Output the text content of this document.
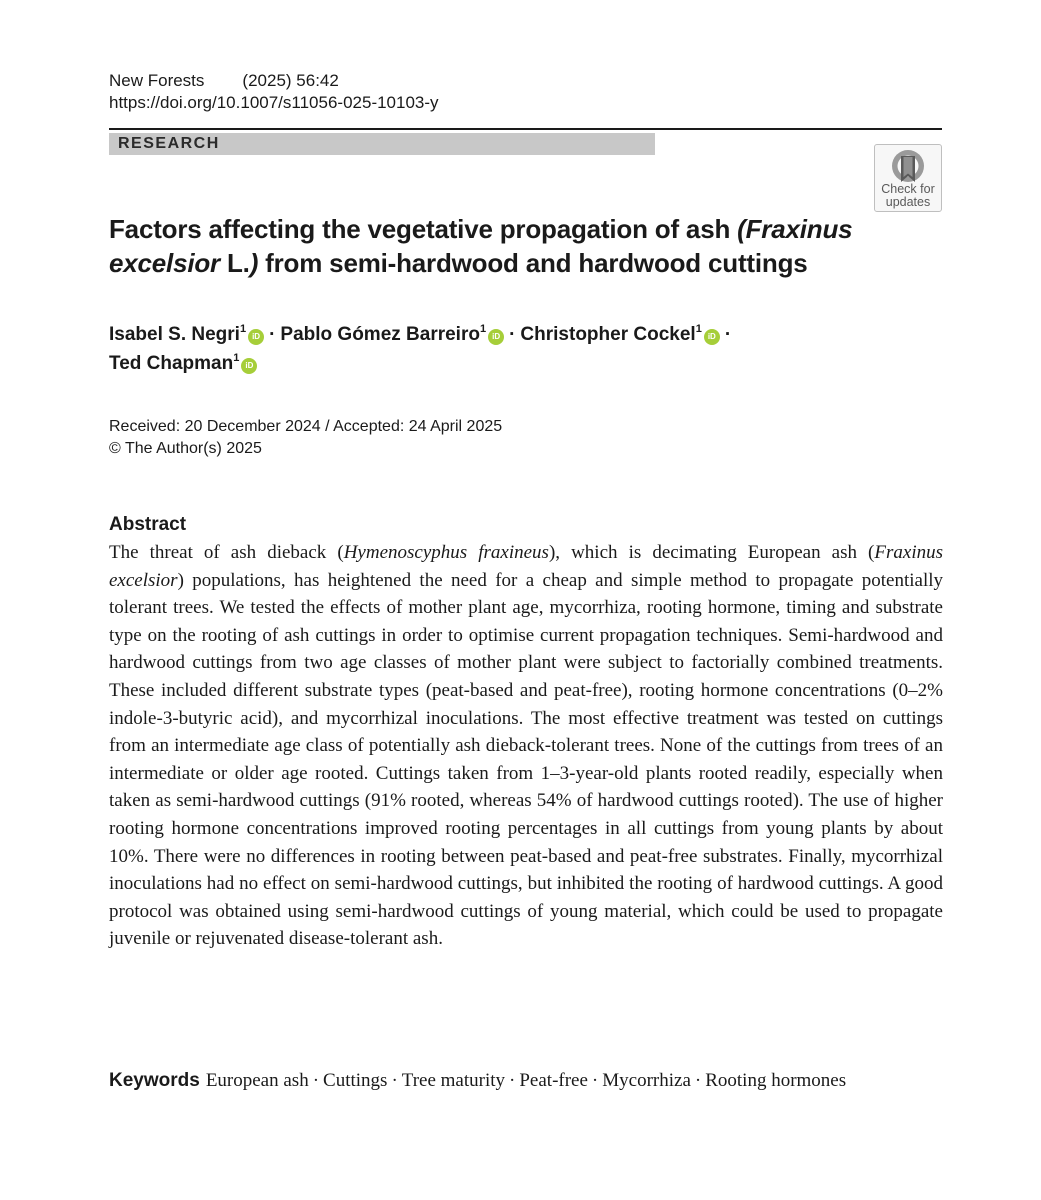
New Forests (2025) 56:42
https://doi.org/10.1007/s11056-025-10103-y
RESEARCH
Check for
updates
Factors affecting the vegetative propagation of ash (Fraxinus excelsior L.) from semi-hardwood and hardwood cuttings
Isabel S. Negri$^1$iD · Pablo Gómez Barreiro$^1$iD · Christopher Cockel$^1$iD ·
Ted Chapman$^1$iD
Received: 20 December 2024 / Accepted: 24 April 2025
© The Author(s) 2025
Abstract
The threat of ash dieback (Hymenoscyphus fraxineus), which is decimating European ash (Fraxinus excelsior) populations, has heightened the need for a cheap and simple method to propagate potentially tolerant trees. We tested the effects of mother plant age, mycorrhiza, rooting hormone, timing and substrate type on the rooting of ash cuttings in order to optimise current propagation techniques. Semi-hardwood and hardwood cuttings from two age classes of mother plant were subject to factorially combined treatments. These included different substrate types (peat-based and peat-free), rooting hormone concentrations (0–2% indole-3-butyric acid), and mycorrhizal inoculations. The most effective treatment was tested on cuttings from an intermediate age class of potentially ash dieback-tolerant trees. None of the cuttings from trees of an intermediate or older age rooted. Cuttings taken from 1–3-year-old plants rooted readily, especially when taken as semi-hardwood cuttings (91% rooted, whereas 54% of hardwood cuttings rooted). The use of higher rooting hormone concentrations improved rooting percentages in all cuttings from young plants by about 10%. There were no differences in rooting between peat-based and peat-free substrates. Finally, mycorrhizal inoculations had no effect on semi-hardwood cuttings, but inhibited the rooting of hardwood cuttings. A good protocol was obtained using semi-hardwood cuttings of young material, which could be used to propagate juvenile or rejuvenated disease-tolerant ash.
Keywords European ash · Cuttings · Tree maturity · Peat-free · Mycorrhiza · Rooting hormones
